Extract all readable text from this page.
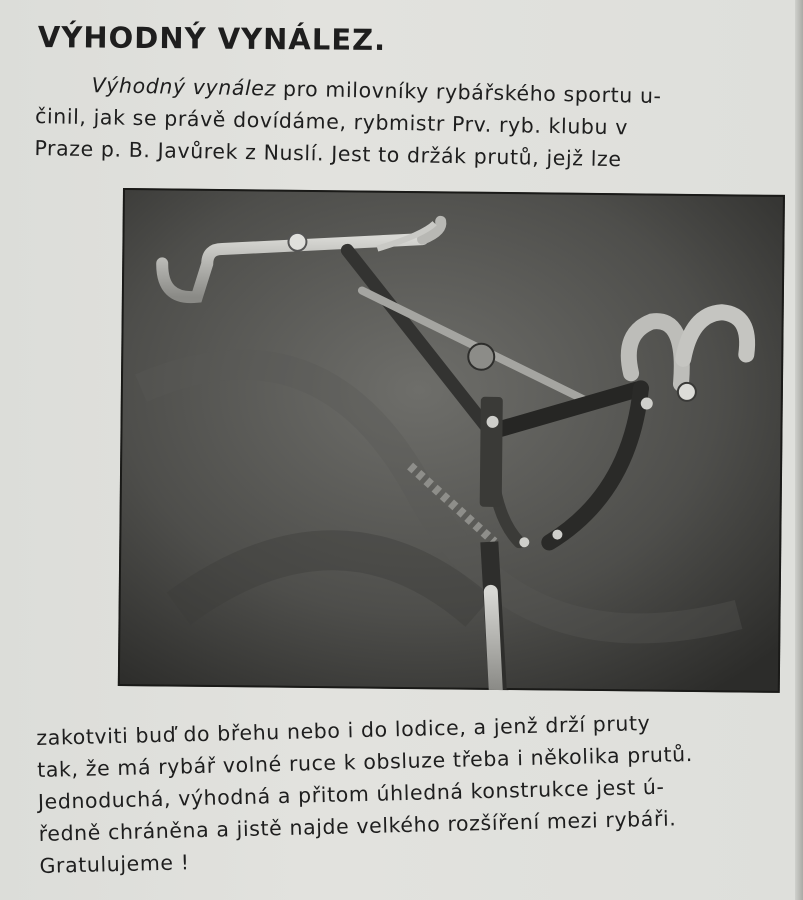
VÝHODNÝ VYNÁLEZ.

Výhodný vynález pro milovníky rybářského sportu u-
činil, jak se právě dovídáme, rybmistr Prv. ryb. klubu v
Praze p. B. Javůrek z Nuslí. Jest to držák prutů, jejž lze

zakotviti buď do břehu nebo i do lodice, a jenž drží pruty
tak, že má rybář volné ruce k obsluze třeba i několika prutů.
Jednoduchá, výhodná a přitom úhledná konstrukce jest ú-
ředně chráněna a jistě najde velkého rozšíření mezi rybáři.
Gratulujeme !
